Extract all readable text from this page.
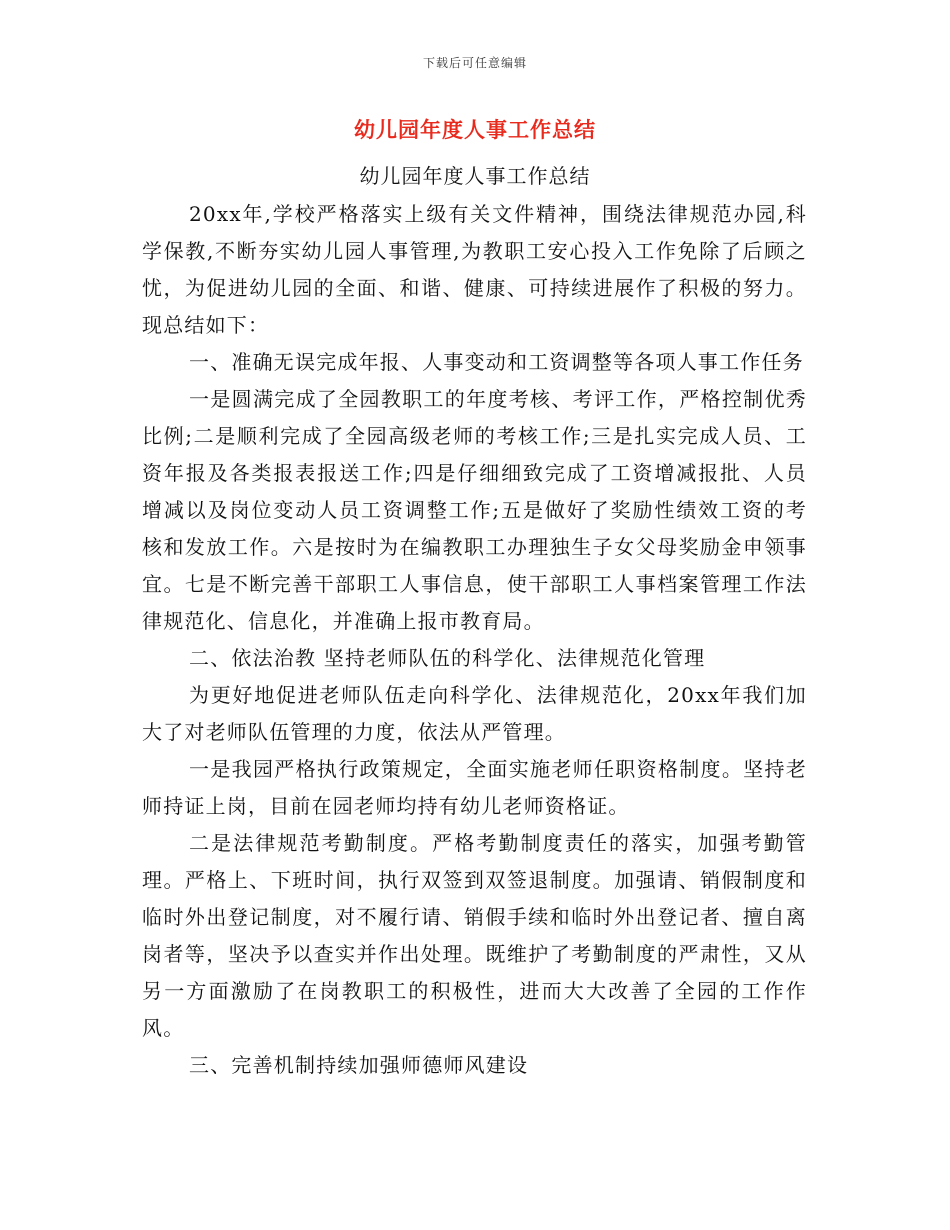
下载后可任意编辑
幼儿园年度人事工作总结
幼儿园年度人事工作总结

20xx年,学校严格落实上级有关文件精神，围绕法律规范办园,科学保教,不断夯实幼儿园人事管理,为教职工安心投入工作免除了后顾之忧，为促进幼儿园的全面、和谐、健康、可持续进展作了积极的努力。现总结如下：

一、准确无误完成年报、人事变动和工资调整等各项人事工作任务

一是圆满完成了全园教职工的年度考核、考评工作，严格控制优秀比例;二是顺利完成了全园高级老师的考核工作;三是扎实完成人员、工资年报及各类报表报送工作;四是仔细细致完成了工资增减报批、人员增减以及岗位变动人员工资调整工作;五是做好了奖励性绩效工资的考核和发放工作。六是按时为在编教职工办理独生子女父母奖励金申领事宜。七是不断完善干部职工人事信息，使干部职工人事档案管理工作法律规范化、信息化，并准确上报市教育局。

二、依法治教 坚持老师队伍的科学化、法律规范化管理

为更好地促进老师队伍走向科学化、法律规范化，20xx年我们加大了对老师队伍管理的力度，依法从严管理。

一是我园严格执行政策规定，全面实施老师任职资格制度。坚持老师持证上岗，目前在园老师均持有幼儿老师资格证。

二是法律规范考勤制度。严格考勤制度责任的落实，加强考勤管理。严格上、下班时间，执行双签到双签退制度。加强请、销假制度和临时外出登记制度，对不履行请、销假手续和临时外出登记者、擅自离岗者等，坚决予以查实并作出处理。既维护了考勤制度的严肃性，又从另一方面激励了在岗教职工的积极性，进而大大改善了全园的工作作风。

三、完善机制持续加强师德师风建设
